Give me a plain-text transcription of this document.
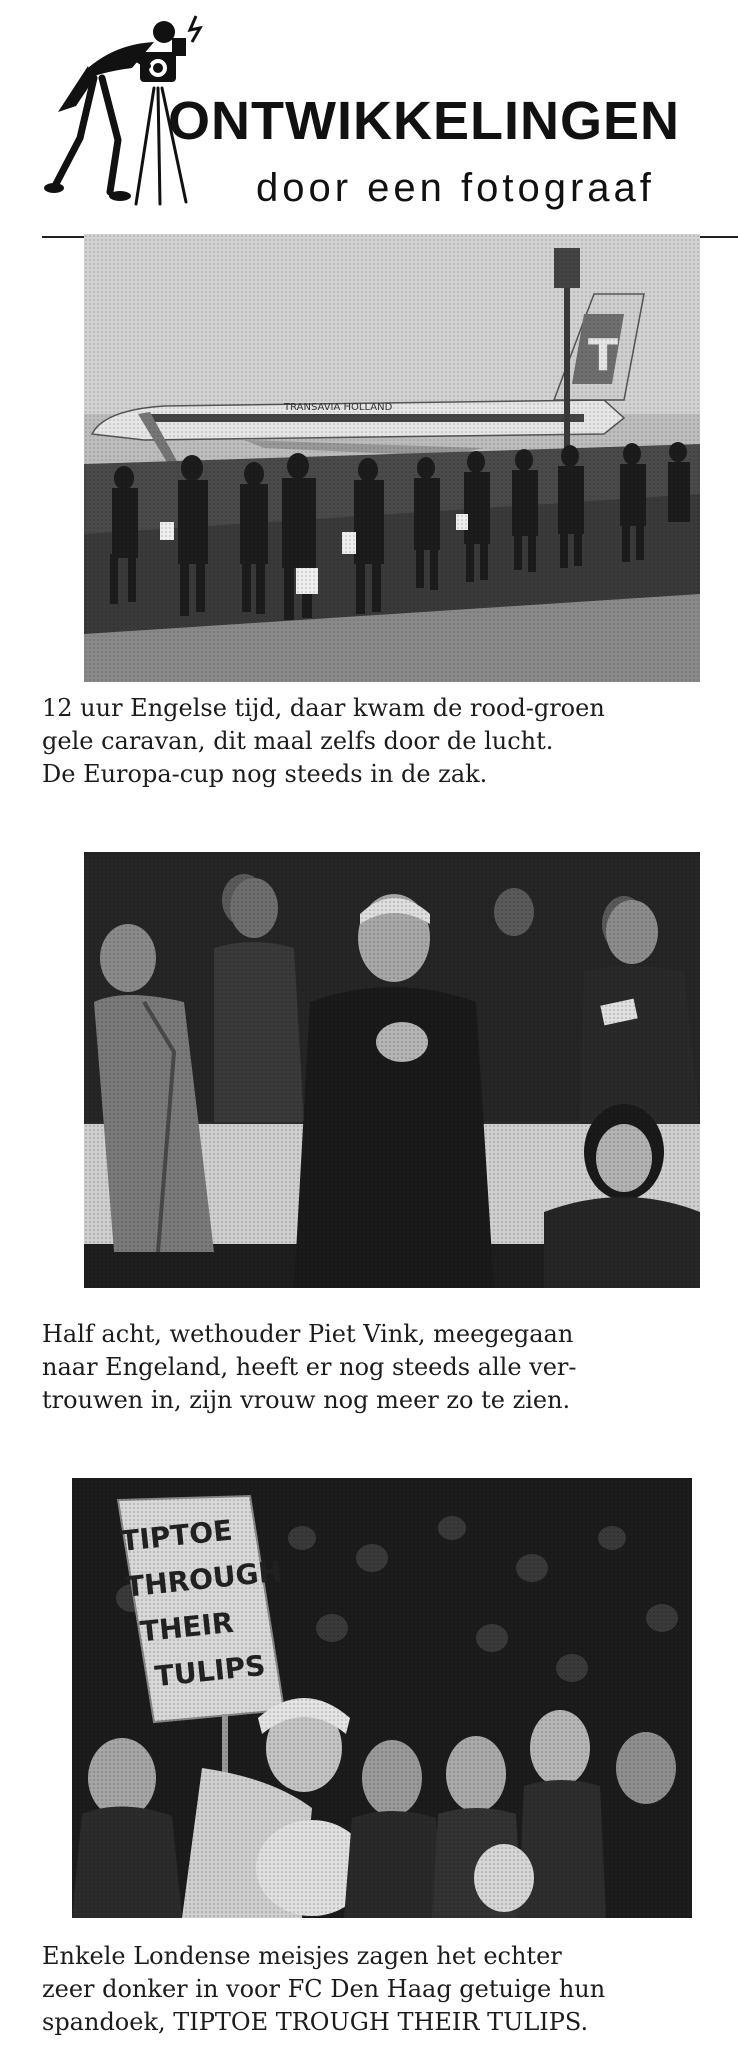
ONTWIKKELINGEN
door een fotograaf
12 uur Engelse tijd, daar kwam de rood-groen
gele caravan, dit maal zelfs door de lucht.
De Europa-cup nog steeds in de zak.
Half acht, wethouder Piet Vink, meegegaan
naar Engeland, heeft er nog steeds alle ver-
trouwen in, zijn vrouw nog meer zo te zien.
Enkele Londense meisjes zagen het echter
zeer donker in voor FC Den Haag getuige hun
spandoek, TIPTOE TROUGH THEIR TULIPS.
